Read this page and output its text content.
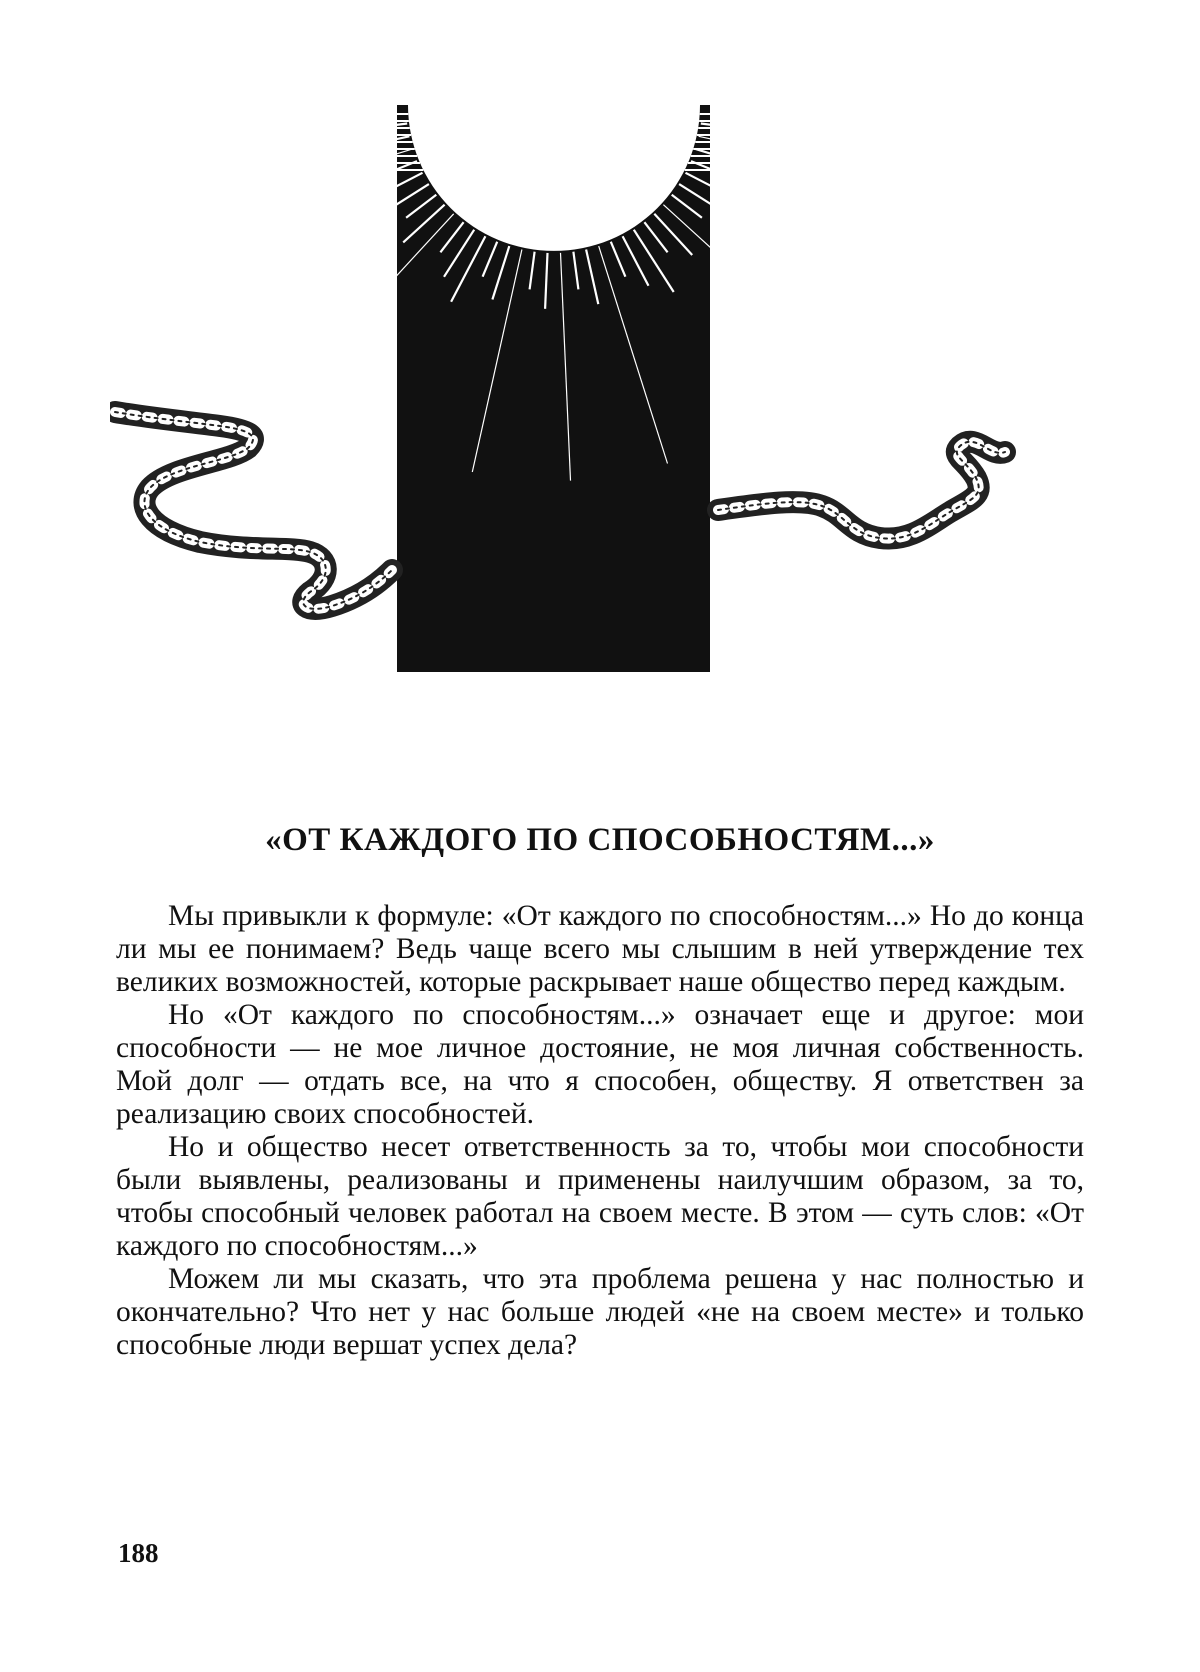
«ОТ КАЖДОГО ПО СПОСОБНОСТЯМ...»

Мы привыкли к формуле: «От каждого по способностям...» Но до конца ли мы ее понимаем? Ведь чаще всего мы слышим в ней утверждение тех великих возможностей, которые раскрывает наше общество перед каждым.

Но «От каждого по способностям...» означает еще и другое: мои способности — не мое личное достояние, не моя личная собственность. Мой долг — отдать все, на что я способен, обществу. Я ответствен за реализацию своих способностей.

Но и общество несет ответственность за то, чтобы мои способности были выявлены, реализованы и применены наилучшим образом, за то, чтобы способный человек работал на своем месте. В этом — суть слов: «От каждого по способностям...»

Можем ли мы сказать, что эта проблема решена у нас полностью и окончательно? Что нет у нас больше людей «не на своем месте» и только способные люди вершат успех дела?

188
